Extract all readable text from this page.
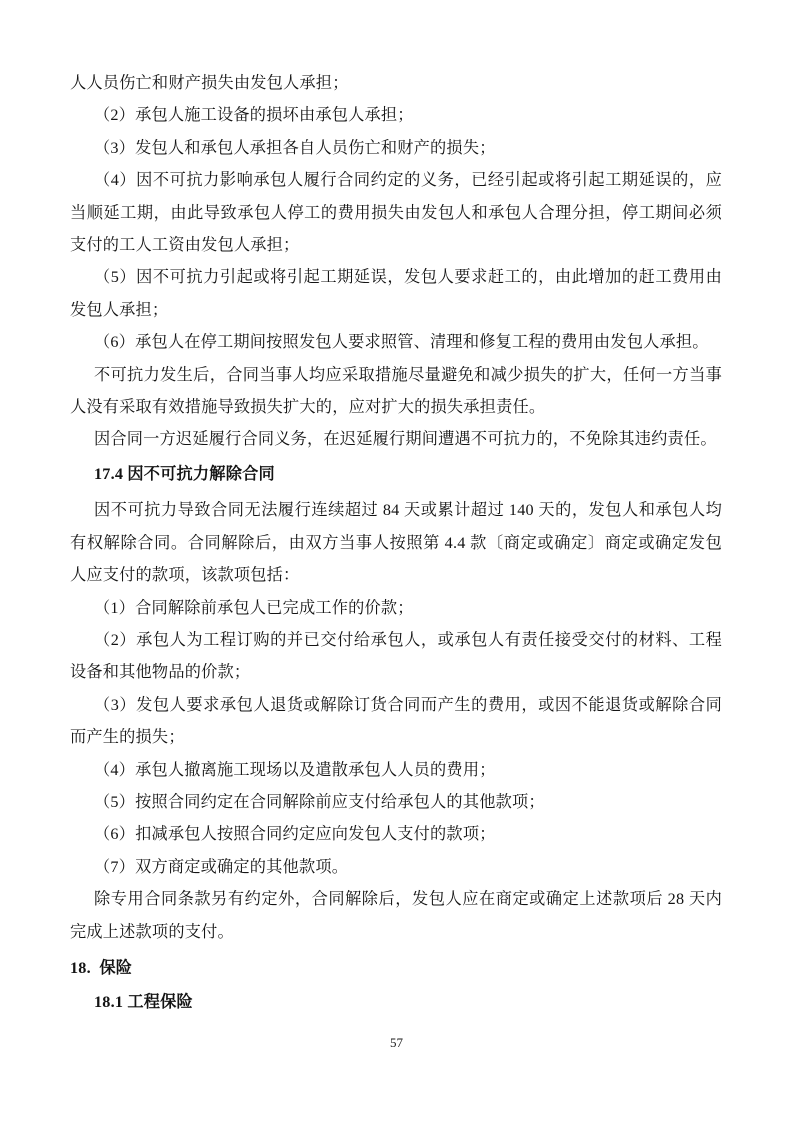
人人员伤亡和财产损失由发包人承担；

（2）承包人施工设备的损坏由承包人承担；

（3）发包人和承包人承担各自人员伤亡和财产的损失；

（4）因不可抗力影响承包人履行合同约定的义务，已经引起或将引起工期延误的，应当顺延工期，由此导致承包人停工的费用损失由发包人和承包人合理分担，停工期间必须支付的工人工资由发包人承担；

（5）因不可抗力引起或将引起工期延误，发包人要求赶工的，由此增加的赶工费用由发包人承担；

（6）承包人在停工期间按照发包人要求照管、清理和修复工程的费用由发包人承担。

不可抗力发生后，合同当事人均应采取措施尽量避免和减少损失的扩大，任何一方当事人没有采取有效措施导致损失扩大的，应对扩大的损失承担责任。

因合同一方迟延履行合同义务，在迟延履行期间遭遇不可抗力的，不免除其违约责任。

17.4 因不可抗力解除合同

因不可抗力导致合同无法履行连续超过 84 天或累计超过 140 天的，发包人和承包人均有权解除合同。合同解除后，由双方当事人按照第 4.4 款〔商定或确定〕商定或确定发包人应支付的款项，该款项包括：

（1）合同解除前承包人已完成工作的价款；

（2）承包人为工程订购的并已交付给承包人，或承包人有责任接受交付的材料、工程设备和其他物品的价款；

（3）发包人要求承包人退货或解除订货合同而产生的费用，或因不能退货或解除合同而产生的损失；

（4）承包人撤离施工现场以及遣散承包人人员的费用；

（5）按照合同约定在合同解除前应支付给承包人的其他款项；

（6）扣减承包人按照合同约定应向发包人支付的款项；

（7）双方商定或确定的其他款项。

除专用合同条款另有约定外，合同解除后，发包人应在商定或确定上述款项后 28 天内完成上述款项的支付。

18.  保险

18.1 工程保险

57
